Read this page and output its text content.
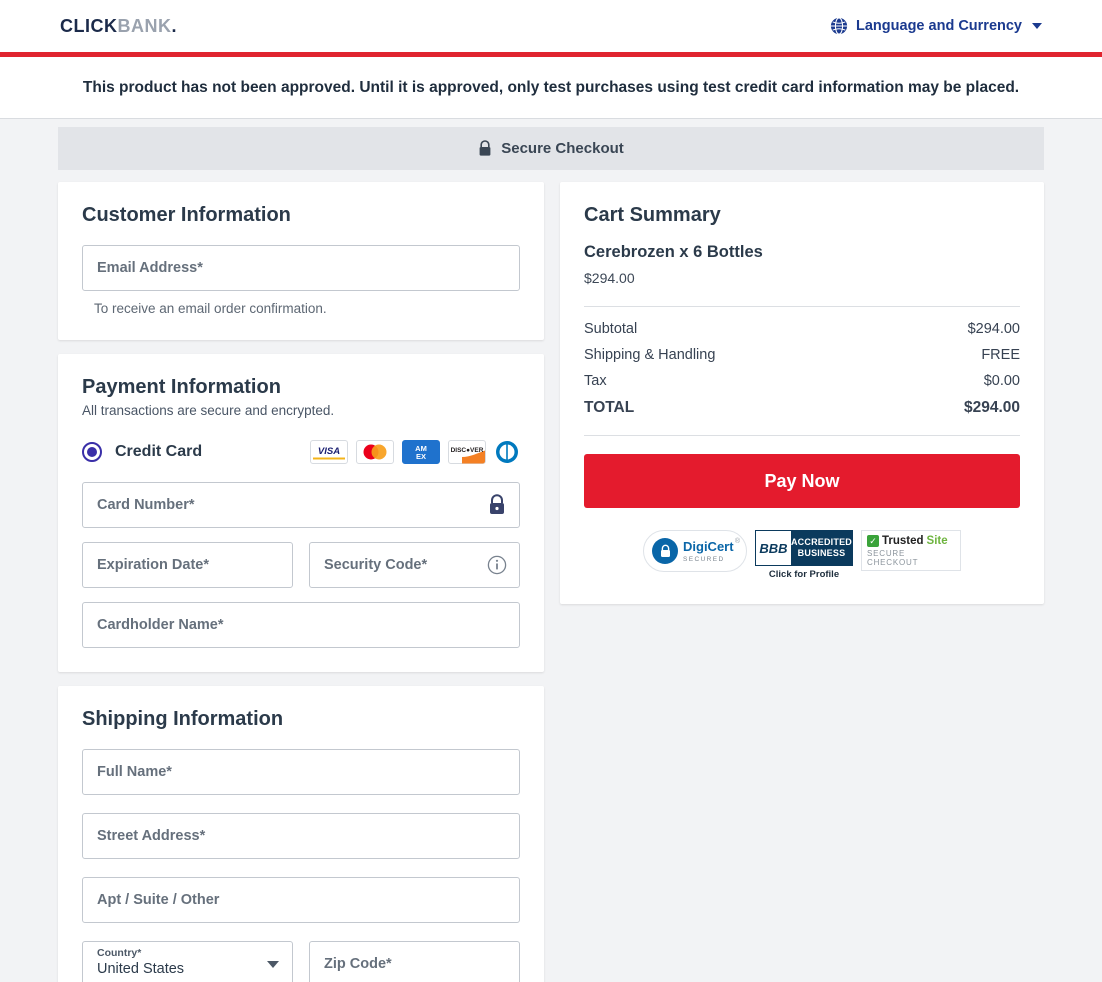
CLICKBANK.	Language and Currency
This product has not been approved. Until it is approved, only test purchases using test credit card information may be placed.
Secure Checkout
Customer Information
Email Address*
To receive an email order confirmation.
Payment Information

All transactions are secure and encrypted.

Credit Card	VISA	AM
EX
DISC●VER
Card Number*
Expiration Date*	Security Code*
Cardholder Name*
Shipping Information
Full Name*
Street Address*
Apt / Suite / Other
Country*
United States	Zip Code*
Cart Summary

Cerebrozen x 6 Bottles

$294.00

Subtotal	$294.00
Shipping & Handling	FREE
Tax	$0.00
TOTAL	$294.00
Pay Now
DigiCert
SECURED
® BBB ACCREDITED
BUSINESS
Click for Profile
✓ Trusted Site
SECURE CHECKOUT
